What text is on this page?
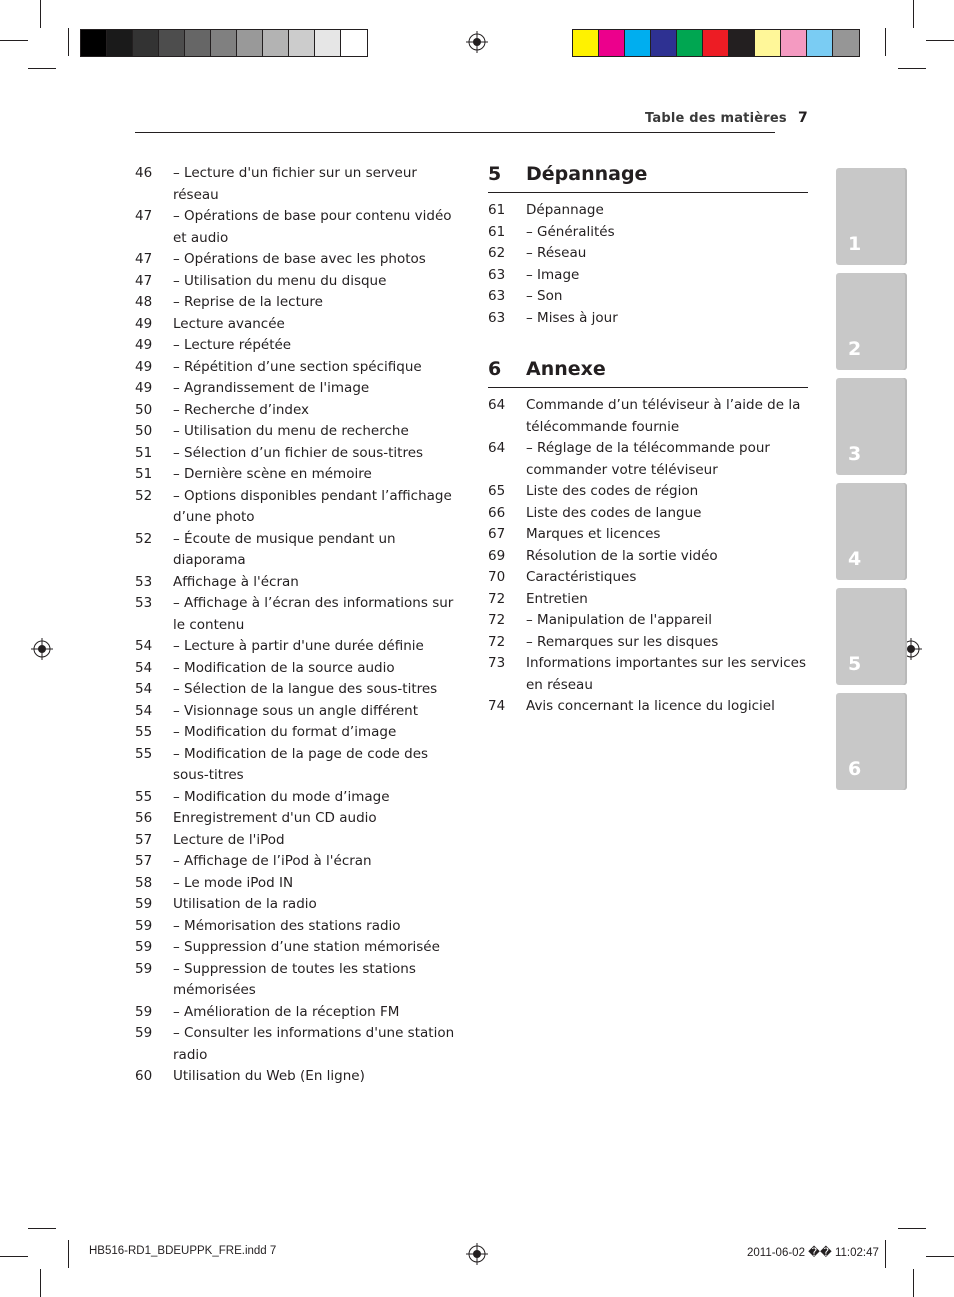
Table des matières 7
46	– Lecture d'un fichier sur un serveur réseau
47	– Opérations de base pour contenu vidéo et audio
47	– Opérations de base avec les photos
47	– Utilisation du menu du disque
48	– Reprise de la lecture
49	Lecture avancée
49	– Lecture répétée
49	– Répétition d’une section spécifique
49	– Agrandissement de l'image
50	– Recherche d’index
50	– Utilisation du menu de recherche
51	– Sélection d’un fichier de sous-titres
51	– Dernière scène en mémoire
52	– Options disponibles pendant l’affichage d’une photo
52	– Écoute de musique pendant un diaporama
53	Affichage à l'écran
53	– Affichage à l’écran des informations sur le contenu
54	– Lecture à partir d'une durée définie
54	– Modification de la source audio
54	– Sélection de la langue des sous-titres
54	– Visionnage sous un angle différent
55	– Modification du format d’image
55	– Modification de la page de code des sous-titres
55	– Modification du mode d’image
56	Enregistrement d'un CD audio
57	Lecture de l'iPod
57	– Affichage de l’iPod à l'écran
58	– Le mode iPod IN
59	Utilisation de la radio
59	– Mémorisation des stations radio
59	– Suppression d’une station mémorisée
59	– Suppression de toutes les stations mémorisées
59	– Amélioration de la réception FM
59	– Consulter les informations d'une station radio
60	Utilisation du Web (En ligne)
5 Dépannage
61	Dépannage
61	– Généralités
62	– Réseau
63	– Image
63	– Son
63	– Mises à jour
6 Annexe
64	Commande d’un téléviseur à l’aide de la télécommande fournie
64	– Réglage de la télécommande pour commander votre téléviseur
65	Liste des codes de région
66	Liste des codes de langue
67	Marques et licences
69	Résolution de la sortie vidéo
70	Caractéristiques
72	Entretien
72	– Manipulation de l'appareil
72	– Remarques sur les disques
73	Informations importantes sur les services en réseau
74	Avis concernant la licence du logiciel
1
2
3
4
5
6
HB516-RD1_BDEUPPK_FRE.indd 7	2011-06-02 �� 11:02:47
